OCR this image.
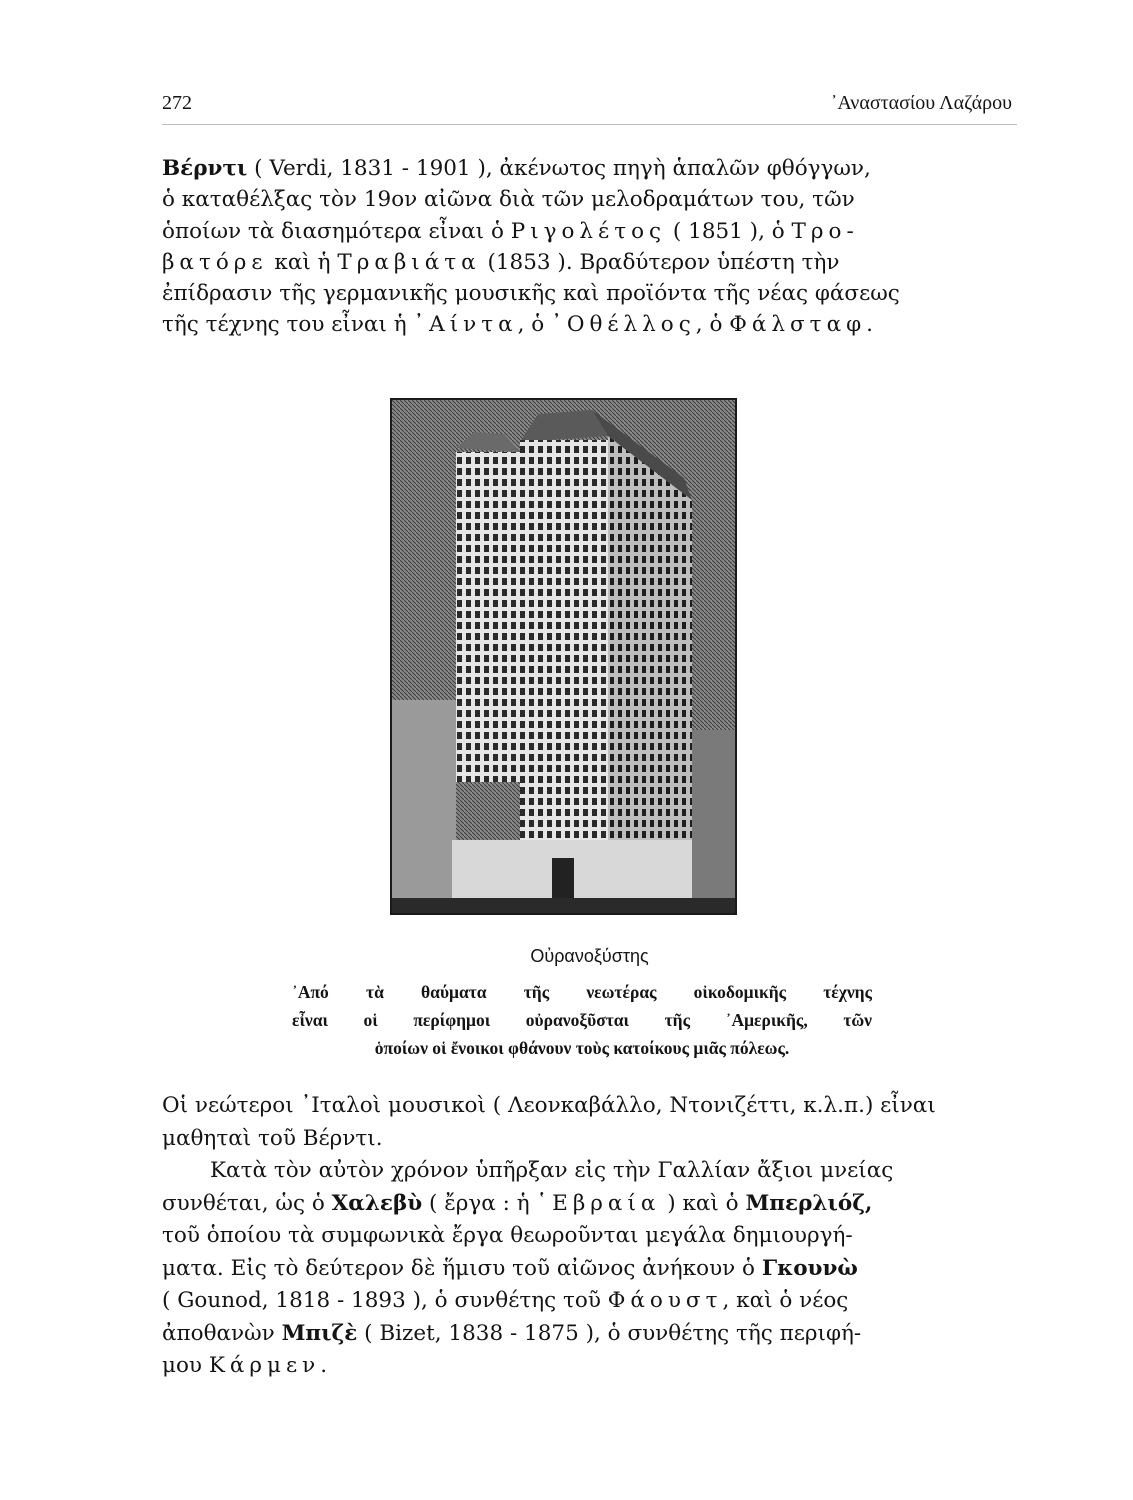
272	᾿Αναστασίου Λαζάρου
Βέρντι ( Verdi, 1831 - 1901 ), ἀκένωτος πηγὴ ἁπαλῶν φθόγγων,
ὁ καταθέλξας τὸν 19ον αἰῶνα διὰ τῶν μελοδραμάτων του, τῶν
ὁποίων τὰ διασημότερα εἶναι ὁ Ριγολέτος ( 1851 ), ὁ Τρο-
βατόρε καὶ ἡ Τραβιάτα (1853 ). Βραδύτερον ὑπέστη τὴν
ἐπίδρασιν τῆς γερμανικῆς μουσικῆς καὶ προϊόντα τῆς νέας φάσεως
τῆς τέχνης του εἶναι ἡ ᾿Αίντα, ὁ ᾿Οθέλλος, ὁ Φάλσταφ.
Οὐρανοξύστης
᾿Από τὰ θαύματα τῆς νεωτέρας οἰκοδομικῆς τέχνης
εἶναι οἱ περίφημοι οὐρανοξῦσται τῆς ᾿Αμερικῆς, τῶν
ὁποίων οἱ ἔνοικοι φθάνουν τοὺς κατοίκους μιᾶς πόλεως.
Οἱ νεώτεροι ᾿Ιταλοὶ μουσικοὶ ( Λεονκαβάλλο, Ντονιζέττι, κ.λ.π.) εἶναι
μαθηταὶ τοῦ Βέρντι.
Κατὰ τὸν αὐτὸν χρόνον ὑπῆρξαν εἰς τὴν Γαλλίαν ἄξιοι μνείας
συνθέται, ὡς ὁ Χαλεβὺ ( ἔργα : ἡ ῾Εβραία ) καὶ ὁ Μπερλιόζ,
τοῦ ὁποίου τὰ συμφωνικὰ ἔργα θεωροῦνται μεγάλα δημιουργή-
ματα. Εἰς τὸ δεύτερον δὲ ἥμισυ τοῦ αἰῶνος ἀνήκουν ὁ Γκουνὼ
( Gounod, 1818 - 1893 ), ὁ συνθέτης τοῦ Φάουστ, καὶ ὁ νέος
ἀποθανὼν Μπιζὲ ( Bizet, 1838 - 1875 ), ὁ συνθέτης τῆς περιφή-
μου Κάρμεν.
